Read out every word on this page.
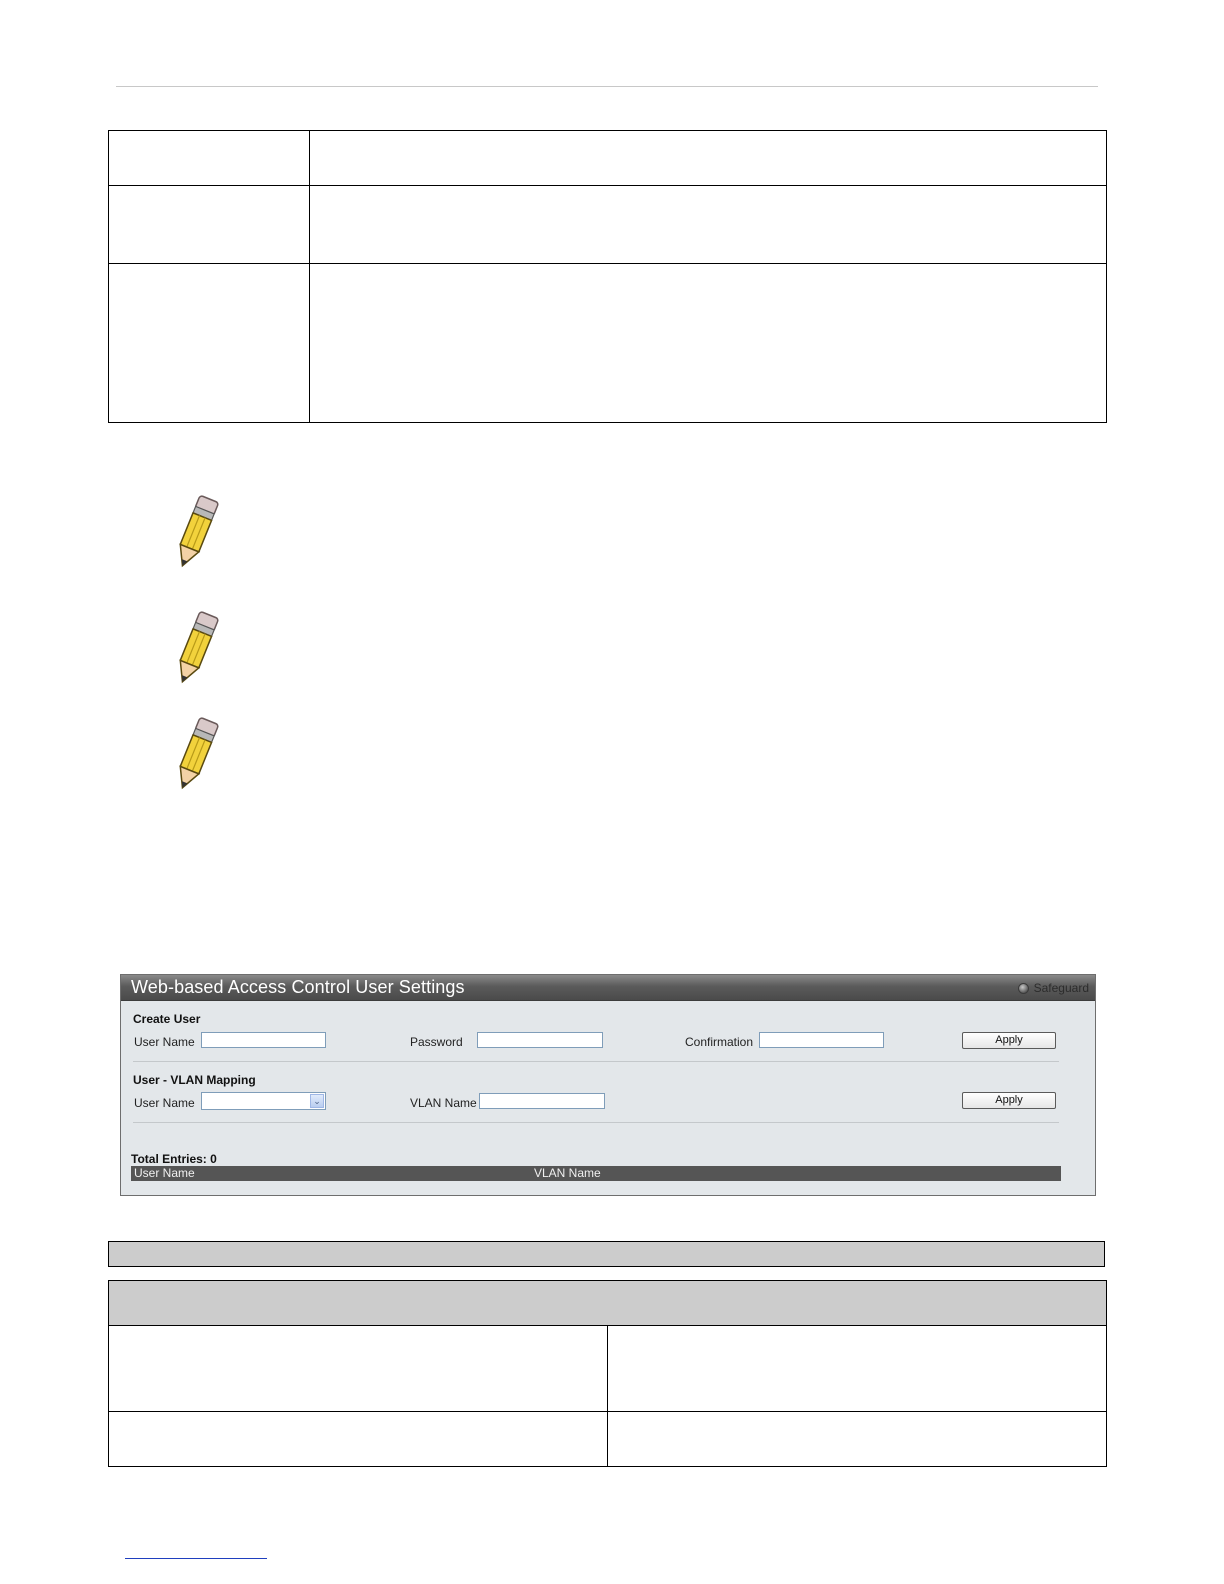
Web-based Access Control User Settings	Safeguard
Create User
User Name	Password	Confirmation	Apply
User - VLAN Mapping
User Name	⌄	VLAN Name	Apply
Total Entries: 0
User Name	VLAN Name
